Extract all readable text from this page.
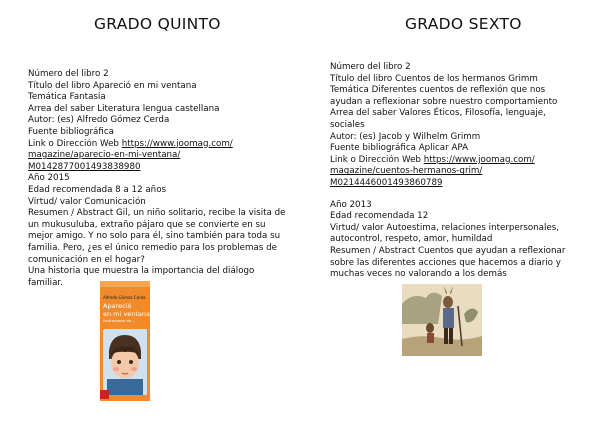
GRADO QUINTO
Número del libro 2
Título del libro Apareció en mi ventana
Temática Fantasía
Arrea del saber Literatura lengua castellana
Autor: (es) Alfredo Gómez Cerda
Fuente bibliográfica
Link o Dirección Web https://www.joomag.com/
magazine/aparecio-en-mi-ventana/
M0142877001493838980
Año 2015
Edad recomendada 8 a 12 años
Virtud/ valor Comunicación
Resumen / Abstract Gil, un niño solitario, recibe la visita de un mukusuluba, extraño pájaro que se convierte en su mejor amigo. Y no solo para él, sino también para toda su familia. Pero, ¿es el único remedio para los problemas de comunicación en el hogar?
Una historia que muestra la importancia del diálogo familiar.
Alfredo Gómez Cerda
Apareció
en mi ventana
Ilustraciones de ...
GRADO SEXTO
Número del libro 2
Título del libro Cuentos de los hermanos Grimm
Temática Diferentes cuentos de reflexión que nos ayudan a reflexionar sobre nuestro comportamiento
Arrea del saber Valores Éticos, Filosofía, lenguaje, sociales
Autor: (es) Jacob y Wilhelm Grimm
Fuente bibliográfica Aplicar APA
Link o Dirección Web https://www.joomag.com/
magazine/cuentos-hermanos-grim/
M0214446001493860789
Año 2013
Edad recomendada 12
Virtud/ valor Autoestima, relaciones interpersonales, autocontrol, respeto, amor, humildad
Resumen / Abstract Cuentos que ayudan a reflexionar sobre las diferentes acciones que hacemos a diario y muchas veces no valorando a los demás
